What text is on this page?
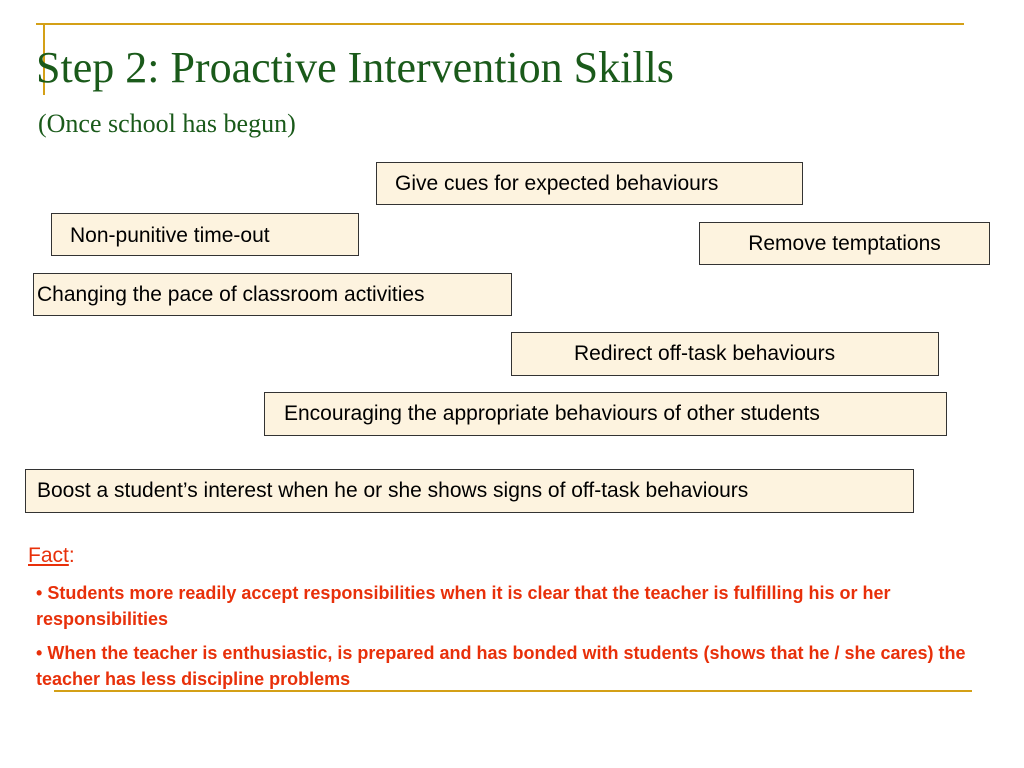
Step 2: Proactive Intervention Skills
(Once school has begun)
Give cues for expected behaviours
Non-punitive time-out	Remove temptations
Changing the pace of classroom activities
Redirect off-task behaviours
Encouraging the appropriate behaviours of other students
Boost a student’s interest when he or she shows signs of off-task behaviours
Fact:

• Students more readily accept responsibilities when it is clear that the teacher is fulfilling his or her responsibilities

• When the teacher is enthusiastic, is prepared and has bonded with students (shows that he / she cares) the teacher has less discipline problems
